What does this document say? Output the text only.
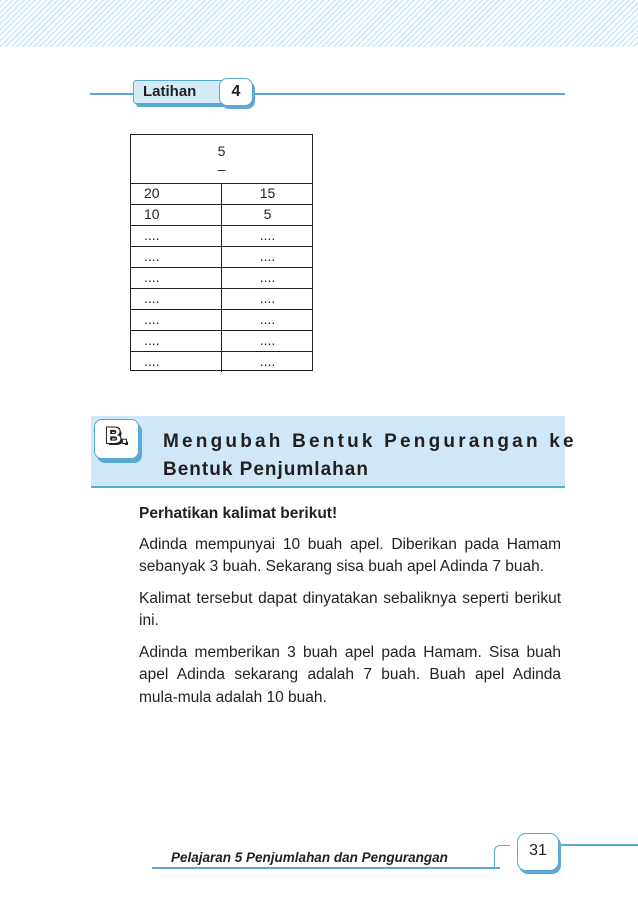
Latihan	4
5
–
20	15
10	5
....	....
....	....
....	....
....	....
....	....
....	....
....	....
B.	Mengubah Bentuk Pengurangan ke
Bentuk Penjumlahan

Perhatikan kalimat berikut!

Adinda mempunyai 10 buah apel. Diberikan pada Hamam sebanyak 3 buah. Sekarang sisa buah apel Adinda 7 buah.

Kalimat tersebut dapat dinyatakan sebaliknya seperti berikut ini.

Adinda memberikan 3 buah apel pada Hamam. Sisa buah apel Adinda sekarang adalah 7 buah. Buah apel Adinda mula-mula adalah 10 buah.

Pelajaran 5 Penjumlahan dan Pengurangan	31
